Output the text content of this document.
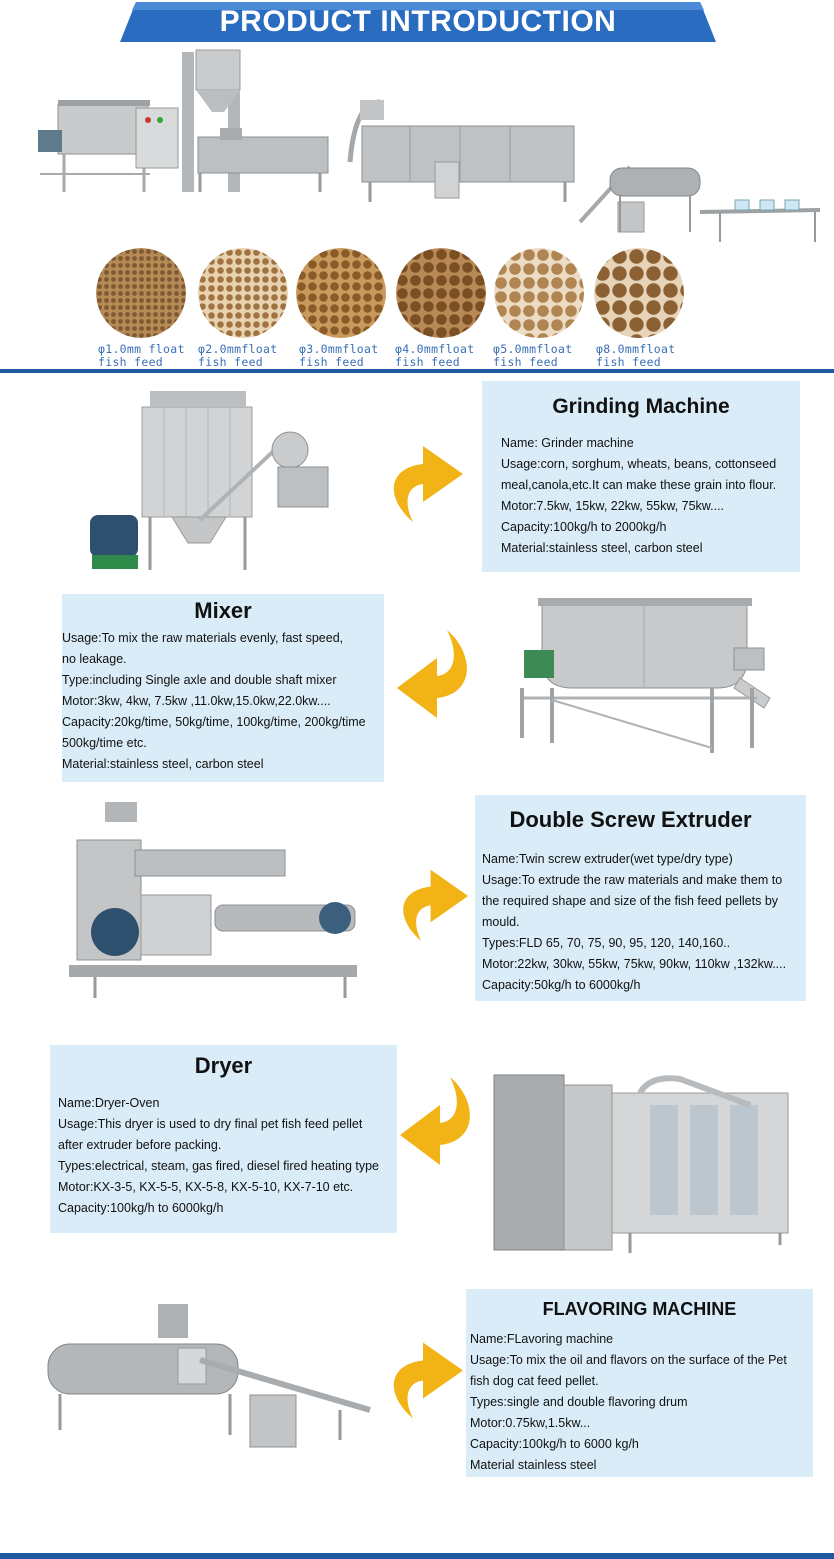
PRODUCT INTRODUCTION
φ1.0mm float
fish feed
φ2.0mmfloat
fish feed
φ3.0mmfloat
fish feed
φ4.0mmfloat
fish feed
φ5.0mmfloat
fish feed
φ8.0mmfloat
fish feed
Grinding Machine
Name: Grinder machine
Usage:corn, sorghum, wheats, beans, cottonseed
meal,canola,etc.It can make these grain into flour.
Motor:7.5kw, 15kw, 22kw, 55kw, 75kw....
Capacity:100kg/h to 2000kg/h
Material:stainless steel, carbon steel
Mixer
Usage:To mix the raw materials evenly, fast speed,
no leakage.
Type:including Single axle and double shaft mixer
Motor:3kw, 4kw, 7.5kw ,11.0kw,15.0kw,22.0kw....
Capacity:20kg/time, 50kg/time, 100kg/time, 200kg/time
500kg/time etc.
Material:stainless steel, carbon steel
Double Screw Extruder
Name:Twin screw extruder(wet type/dry type)
Usage:To extrude the raw materials and make them to
the required shape and size of the fish feed pellets by
mould.
Types:FLD 65, 70, 75, 90, 95, 120, 140,160..
Motor:22kw, 30kw, 55kw, 75kw, 90kw, 110kw ,132kw....
Capacity:50kg/h to 6000kg/h
Dryer
Name:Dryer-Oven
Usage:This dryer is used to dry final pet fish feed pellet
after extruder before packing.
Types:electrical, steam, gas fired, diesel fired heating type
Motor:KX-3-5, KX-5-5, KX-5-8, KX-5-10, KX-7-10 etc.
Capacity:100kg/h to 6000kg/h
FLAVORING MACHINE
Name:FLavoring machine
Usage:To mix the oil and flavors on the surface of the Pet
fish dog cat feed pellet.
Types:single and double flavoring drum
Motor:0.75kw,1.5kw...
Capacity:100kg/h to 6000 kg/h
Material stainless steel
